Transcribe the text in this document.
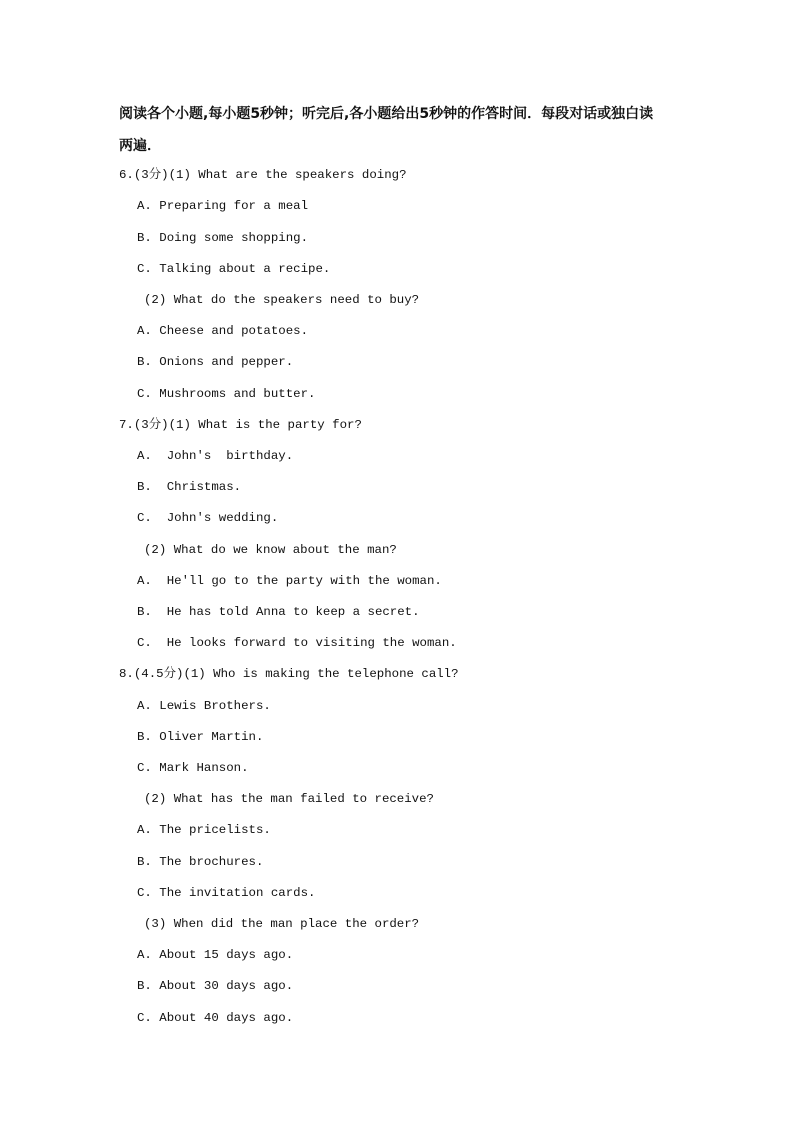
阅读各个小题,每小题5秒钟；听完后,各小题给出5秒钟的作答时间．每段对话或独白读
两遍．
6.(3分)(1) What are the speakers doing?
A. Preparing for a meal
B. Doing some shopping.
C. Talking about a recipe.
(2) What do the speakers need to buy?
A. Cheese and potatoes.
B. Onions and pepper.
C. Mushrooms and butter.
7.(3分)(1) What is the party for?
A.  John's  birthday.
B.  Christmas.
C.  John's wedding.
(2) What do we know about the man?
A.  He'll go to the party with the woman.
B.  He has told Anna to keep a secret.
C.  He looks forward to visiting the woman.
8.(4.5分)(1) Who is making the telephone call?
A. Lewis Brothers.
B. Oliver Martin.
C. Mark Hanson.
(2) What has the man failed to receive?
A. The pricelists.
B. The brochures.
C. The invitation cards.
(3) When did the man place the order?
A. About 15 days ago.
B. About 30 days ago.
C. About 40 days ago.
